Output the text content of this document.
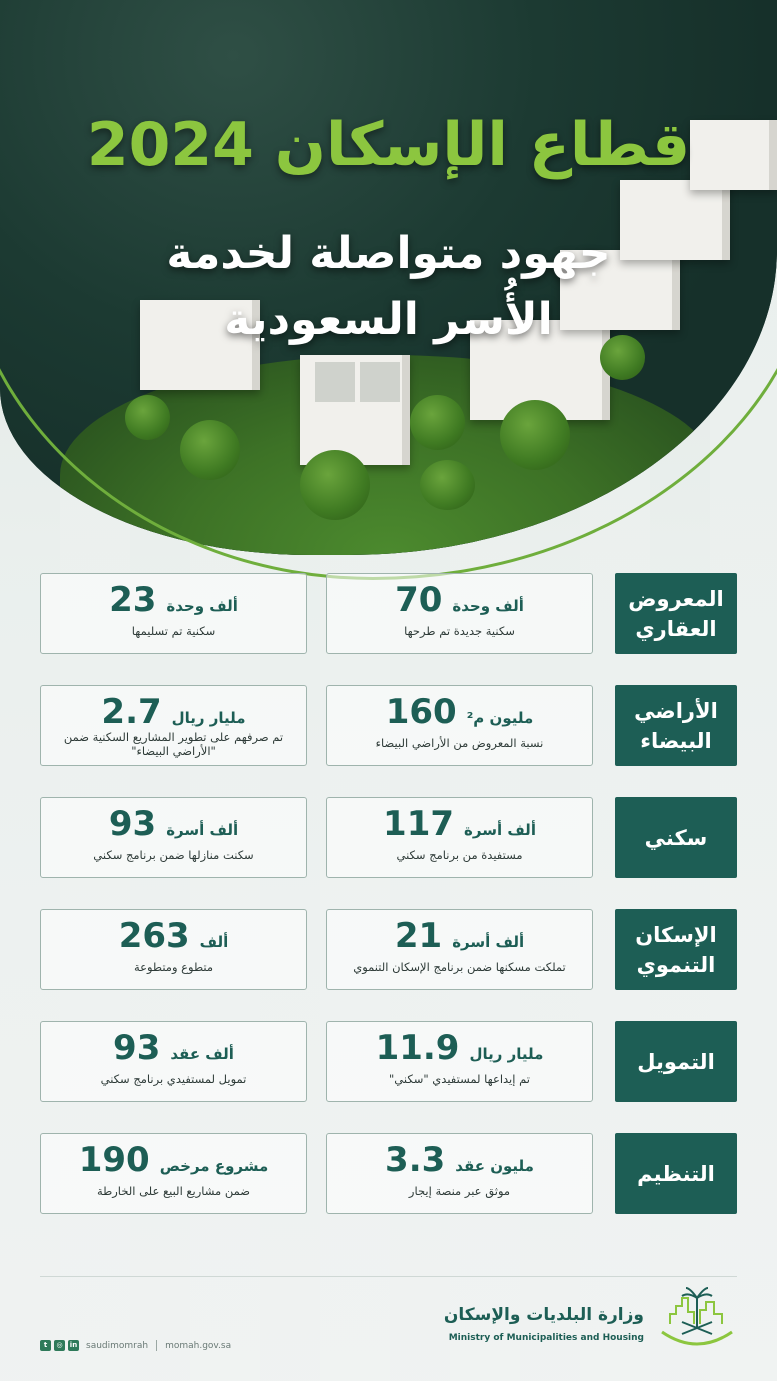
قطاع الإسكان 2024
جهود متواصلة لخدمة
الأُسر السعودية
المعروض العقاري
ألف وحدة
70
سكنية جديدة تم طرحها
ألف وحدة
23
سكنية تم تسليمها
الأراضي البيضاء
مليون م²
160
نسبة المعروض من الأراضي البيضاء
مليار ريال
2.7
تم صرفهم على تطوير المشاريع السكنية ضمن "الأراضي البيضاء"
سكني
ألف أسرة
117
مستفيدة من برنامج سكني
ألف أسرة
93
سكنت منازلها ضمن برنامج سكني
الإسكان التنموي
ألف أسرة
21
تملكت مسكنها ضمن برنامج الإسكان التنموي
ألف
263
متطوع ومتطوعة
التمويل
مليار ريال
11.9
تم إيداعها لمستفيدي "سكني"
ألف عقد
93
تمويل لمستفيدي برنامج سكني
التنظيم
مليون عقد
3.3
موثق عبر منصة إيجار
مشروع مرخص
190
ضمن مشاريع البيع على الخارطة
وزارة البلديات والإسكان
Ministry of Municipalities and Housing
t	◎	in saudimomrah momah.gov.sa
